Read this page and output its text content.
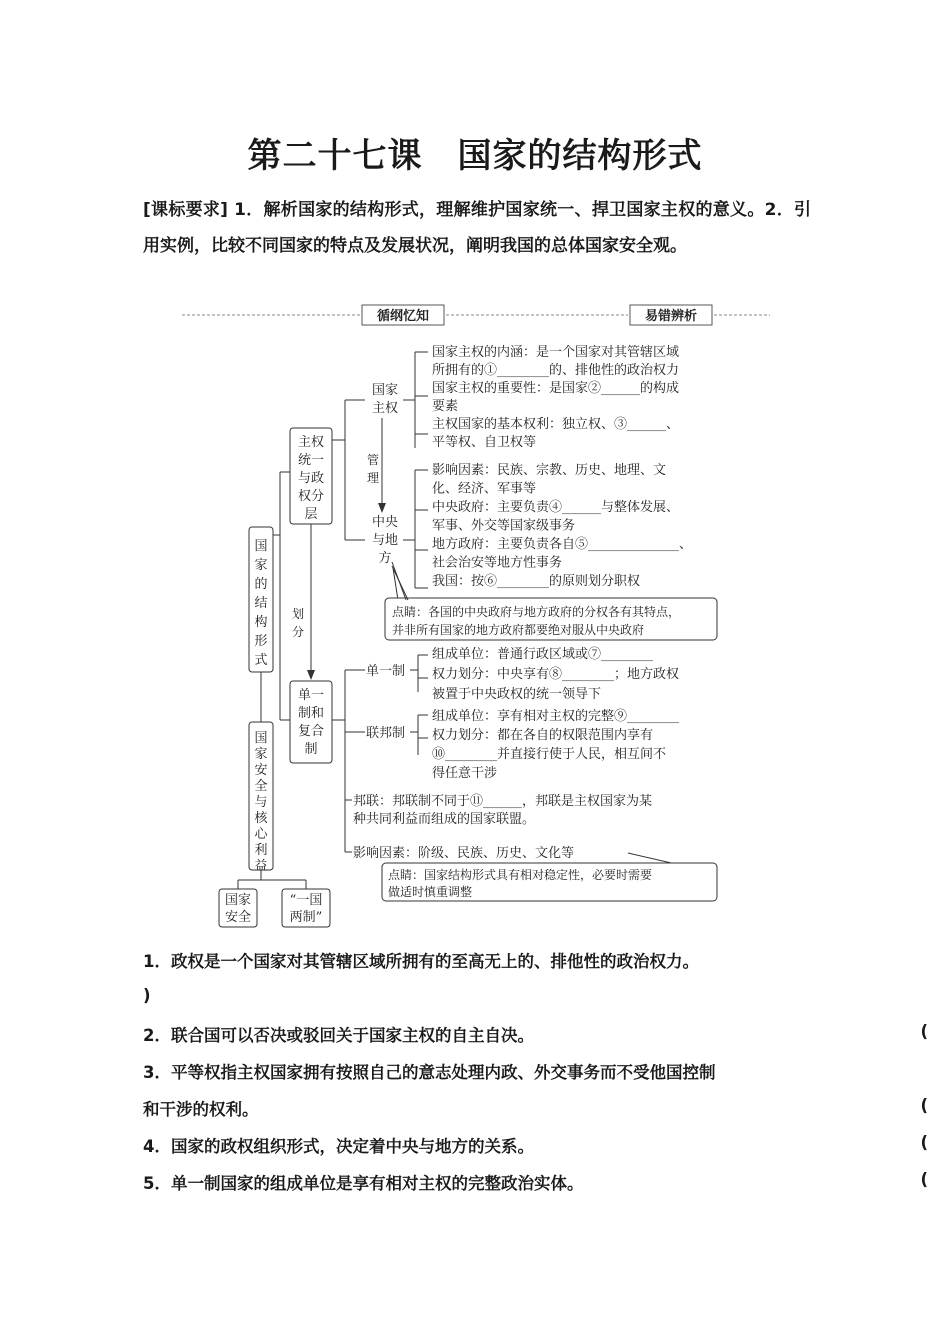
第二十七课　国家的结构形式
[课标要求] 1．解析国家的结构形式，理解维护国家统一、捍卫国家主权的意义。2．引用实例，比较不同国家的特点及发展状况，阐明我国的总体国家安全观。
循纲忆知	易错辨析
国
家
的
结
构
形
式
国
家
安
全
与
核
心
利
益
国家
安全
“一国
两制”
主权
统一
与政
权分
层
划
分
单一
制和
复合
制
国家
主权
管
理
中央
与地
方
国家主权的内涵：是一个国家对其管辖区域
所拥有的①________的、排他性的政治权力
国家主权的重要性：是国家②______的构成
要素
主权国家的基本权利：独立权、③______、
平等权、自卫权等
影响因素：民族、宗教、历史、地理、文
化、经济、军事等
中央政府：主要负责④______与整体发展、
军事、外交等国家级事务
地方政府：主要负责各自⑤______________、
社会治安等地方性事务
我国：按⑥________的原则划分职权
点睛：各国的中央政府与地方政府的分权各有其特点，
并非所有国家的地方政府都要绝对服从中央政府
单一制
组成单位：普通行政区域或⑦________
权力划分：中央享有⑧________；地方政权
被置于中央政权的统一领导下
联邦制
组成单位：享有相对主权的完整⑨________
权力划分：都在各自的权限范围内享有
⑩________并直接行使于人民，相互间不
得任意干涉
邦联：邦联制不同于⑪______，邦联是主权国家为某
种共同利益而组成的国家联盟。
影响因素：阶级、民族、历史、文化等
点睛：国家结构形式具有相对稳定性，必要时需要
做适时慎重调整
1．政权是一个国家对其管辖区域所拥有的至高无上的、排他性的政治权力。
)
2．联合国可以否决或驳回关于国家主权的自主自决。	(
3．平等权指主权国家拥有按照自己的意志处理内政、外交事务而不受他国控制
和干涉的权利。	(
4．国家的政权组织形式，决定着中央与地方的关系。	(
5．单一制国家的组成单位是享有相对主权的完整政治实体。	(
